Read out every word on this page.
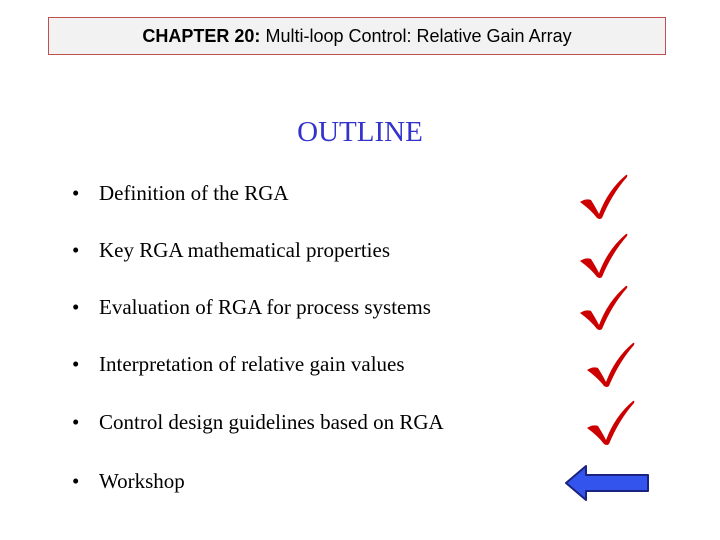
CHAPTER 20:
Multi-loop Control: Relative Gain Array
OUTLINE
• Definition of the RGA
• Key RGA mathematical properties
• Evaluation of RGA for process systems
• Interpretation of relative gain values
• Control design guidelines based on RGA
• Workshop
